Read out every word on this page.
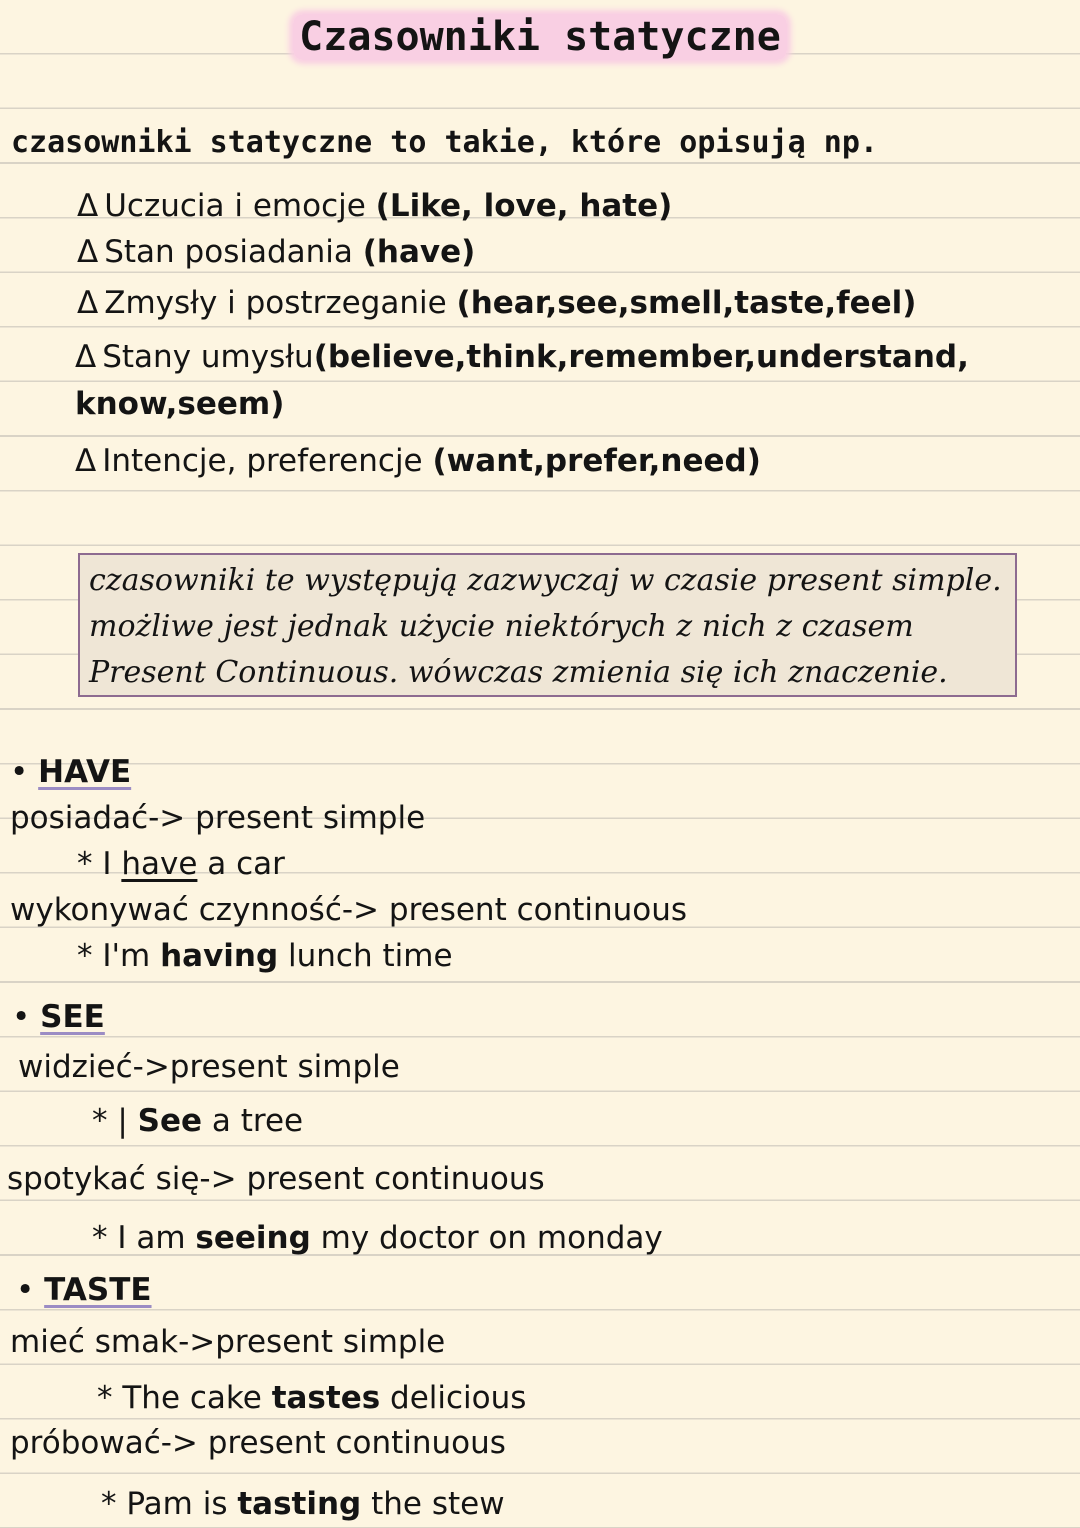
Czasowniki statyczne
czasowniki statyczne to takie, które opisują np.
Δ Uczucia i emocje (Like, love, hate)
Δ Stan posiadania (have)
Δ Zmysły i postrzeganie (hear,see,smell,taste,feel)
Δ Stany umysłu(believe,think,remember,understand,
know,seem)
Δ Intencje, preferencje (want,prefer,need)
czasowniki te występują zazwyczaj w czasie present simple.
możliwe jest jednak użycie niektórych z nich z czasem
Present Continuous. wówczas zmienia się ich znaczenie.
• HAVE
posiadać-> present simple
* I have a car
wykonywać czynność-> present continuous
* I'm having lunch time
• SEE
widzieć->present simple
* | See a tree
spotykać się-> present continuous
* I am seeing my doctor on monday
• TASTE
mieć smak->present simple
* The cake tastes delicious
próbować-> present continuous
* Pam is tasting the stew
